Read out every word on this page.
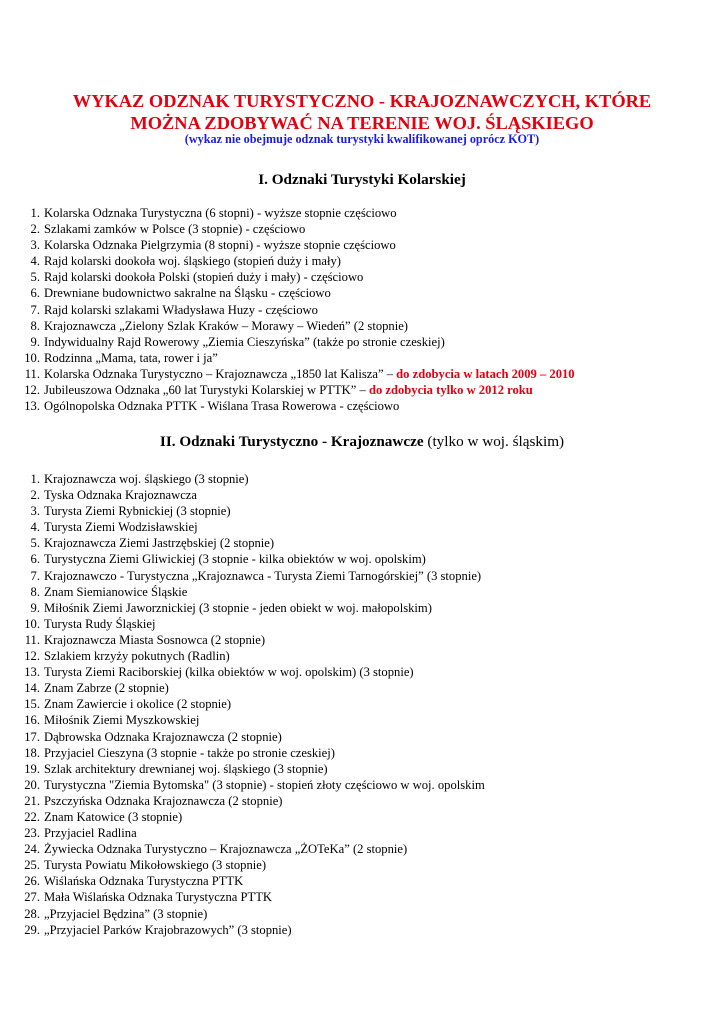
WYKAZ ODZNAK TURYSTYCZNO - KRAJOZNAWCZYCH, KTÓRE
MOŻNA ZDOBYWAĆ NA TERENIE WOJ. ŚLĄSKIEGO

(wykaz nie obejmuje odznak turystyki kwalifikowanej oprócz KOT)

I. Odznaki Turystyki Kolarskiej
1. Kolarska Odznaka Turystyczna (6 stopni) - wyższe stopnie częściowo
2. Szlakami zamków w Polsce (3 stopnie) - częściowo
3. Kolarska Odznaka Pielgrzymia (8 stopni) - wyższe stopnie częściowo
4. Rajd kolarski dookoła woj. śląskiego (stopień duży i mały)
5. Rajd kolarski dookoła Polski (stopień duży i mały) - częściowo
6. Drewniane budownictwo sakralne na Śląsku - częściowo
7. Rajd kolarski szlakami Władysława Huzy - częściowo
8. Krajoznawcza „Zielony Szlak Kraków – Morawy – Wiedeń” (2 stopnie)
9. Indywidualny Rajd Rowerowy „Ziemia Cieszyńska” (także po stronie czeskiej)
10. Rodzinna „Mama, tata, rower i ja”
11. Kolarska Odznaka Turystyczno – Krajoznawcza „1850 lat Kalisza” – do zdobycia w latach 2009 – 2010
12. Jubileuszowa Odznaka „60 lat Turystyki Kolarskiej w PTTK” – do zdobycia tylko w 2012 roku
13. Ogólnopolska Odznaka PTTK - Wiślana Trasa Rowerowa - częściowo
II. Odznaki Turystyczno - Krajoznawcze (tylko w woj. śląskim)
1. Krajoznawcza woj. śląskiego (3 stopnie)
2. Tyska Odznaka Krajoznawcza
3. Turysta Ziemi Rybnickiej (3 stopnie)
4. Turysta Ziemi Wodzisławskiej
5. Krajoznawcza Ziemi Jastrzębskiej (2 stopnie)
6. Turystyczna Ziemi Gliwickiej (3 stopnie - kilka obiektów w woj. opolskim)
7. Krajoznawczo - Turystyczna „Krajoznawca - Turysta Ziemi Tarnogórskiej” (3 stopnie)
8. Znam Siemianowice Śląskie
9. Miłośnik Ziemi Jaworznickiej (3 stopnie - jeden obiekt w woj. małopolskim)
10. Turysta Rudy Śląskiej
11. Krajoznawcza Miasta Sosnowca (2 stopnie)
12. Szlakiem krzyży pokutnych (Radlin)
13. Turysta Ziemi Raciborskiej (kilka obiektów w woj. opolskim) (3 stopnie)
14. Znam Zabrze (2 stopnie)
15. Znam Zawiercie i okolice (2 stopnie)
16. Miłośnik Ziemi Myszkowskiej
17. Dąbrowska Odznaka Krajoznawcza (2 stopnie)
18. Przyjaciel Cieszyna (3 stopnie - także po stronie czeskiej)
19. Szlak architektury drewnianej woj. śląskiego (3 stopnie)
20. Turystyczna "Ziemia Bytomska" (3 stopnie) - stopień złoty częściowo w woj. opolskim
21. Pszczyńska Odznaka Krajoznawcza (2 stopnie)
22. Znam Katowice (3 stopnie)
23. Przyjaciel Radlina
24. Żywiecka Odznaka Turystyczno – Krajoznawcza „ŻOTeKa” (2 stopnie)
25. Turysta Powiatu Mikołowskiego (3 stopnie)
26. Wiślańska Odznaka Turystyczna PTTK
27. Mała Wiślańska Odznaka Turystyczna PTTK
28. „Przyjaciel Będzina” (3 stopnie)
29. „Przyjaciel Parków Krajobrazowych” (3 stopnie)
